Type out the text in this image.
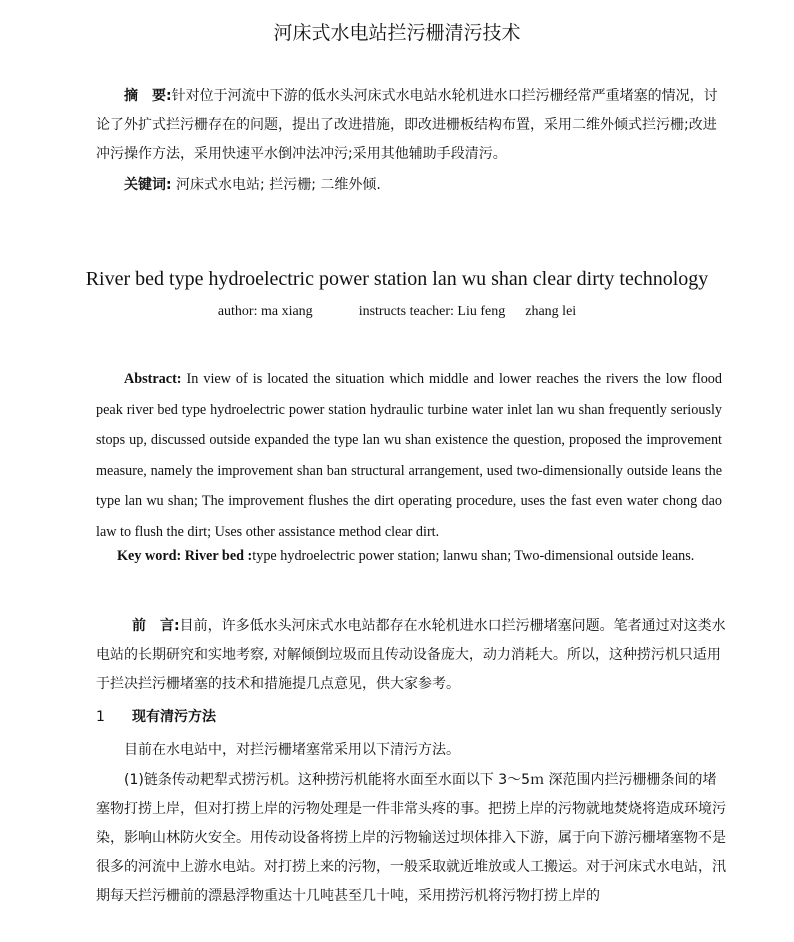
河床式水电站拦污栅清污技术
摘　要:针对位于河流中下游的低水头河床式水电站水轮机进水口拦污栅经常严重堵塞的情况，讨论了外扩式拦污栅存在的问题，提出了改进措施，即改进栅板结构布置，采用二维外倾式拦污栅;改进冲污操作方法，采用快速平水倒冲法冲污;采用其他辅助手段清污。
关键词: 河床式水电站; 拦污栅; 二维外倾.
River bed type hydroelectric power station lan wu shan clear dirty technology
author: ma xiang	instructs teacher: Liu feng zhang lei
Abstract: In view of is located the situation which middle and lower reaches the rivers the low flood peak river bed type hydroelectric power station hydraulic turbine water inlet lan wu shan frequently seriously stops up, discussed outside expanded the type lan wu shan existence the question, proposed the improvement measure, namely the improvement shan ban structural arrangement, used two-dimensionally outside leans the type lan wu shan; The improvement flushes the dirt operating procedure, uses the fast even water chong dao law to flush the dirt; Uses other assistance method clear dirt.
Key word: River bed :type hydroelectric power station; lanwu shan; Two-dimensional outside leans.
前　言:目前，许多低水头河床式水电站都存在水轮机进水口拦污栅堵塞问题。笔者通过对这类水电站的长期研究和实地考察, 对解倾倒垃圾而且传动设备庞大，动力消耗大。所以，这种捞污机只适用于拦决拦污栅堵塞的技术和措施提几点意见，供大家参考。
1 现有清污方法
目前在水电站中，对拦污栅堵塞常采用以下清污方法。
(1)链条传动耙犁式捞污机。这种捞污机能将水面至水面以下 3～5ｍ 深范围内拦污栅栅条间的堵塞物打捞上岸，但对打捞上岸的污物处理是一件非常头疼的事。把捞上岸的污物就地焚烧将造成环境污染，影响山林防火安全。用传动设备将捞上岸的污物输送过坝体排入下游，属于向下游污栅堵塞物不是很多的河流中上游水电站。对打捞上来的污物，一般采取就近堆放或人工搬运。对于河床式水电站，汛期每天拦污栅前的漂悬浮物重达十几吨甚至几十吨，采用捞污机将污物打捞上岸的
